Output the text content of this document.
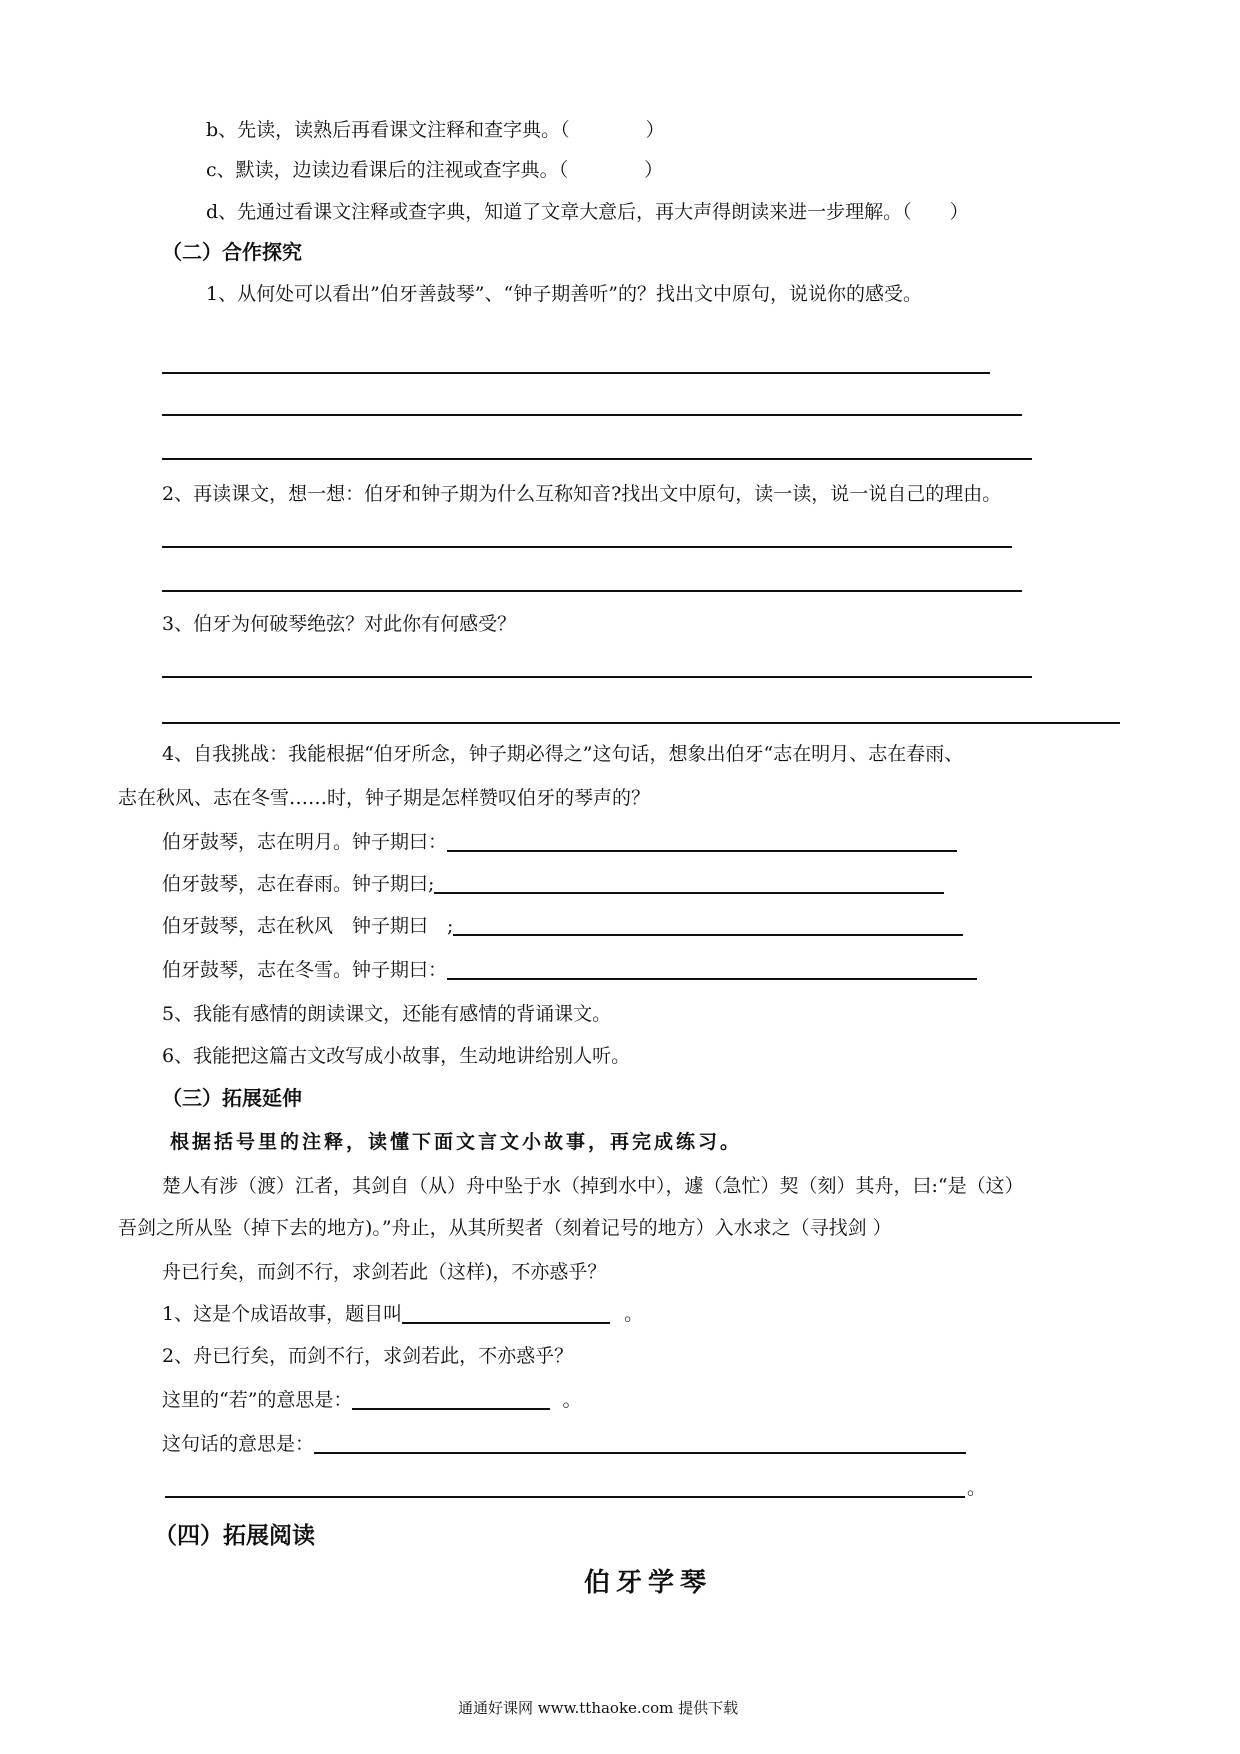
b、先读，读熟后再看课文注释和查字典。（　　　　）
c、默读，边读边看课后的注视或查字典。（　　　　）
d、先通过看课文注释或查字典，知道了文章大意后，再大声得朗读来进一步理解。（　　）
（二）合作探究
1、从何处可以看出”伯牙善鼓琴”、“钟子期善听”的？找出文中原句，说说你的感受。
2、再读课文，想一想：伯牙和钟子期为什么互称知音?找出文中原句，读一读，说一说自己的理由。
3、伯牙为何破琴绝弦？对此你有何感受？
4、自我挑战：我能根据“伯牙所念，钟子期必得之”这句话，想象出伯牙“志在明月、志在春雨、
志在秋风、志在冬雪……时，钟子期是怎样赞叹伯牙的琴声的？
伯牙鼓琴，志在明月。钟子期曰：
伯牙鼓琴，志在春雨。钟子期曰;
伯牙鼓琴，志在秋风　钟子期曰　;
伯牙鼓琴，志在冬雪。钟子期曰：
5、我能有感情的朗读课文，还能有感情的背诵课文。
6、我能把这篇古文改写成小故事，生动地讲给别人听。
（三）拓展延伸
根据括号里的注释，读懂下面文言文小故事，再完成练习。
楚人有涉（渡）江者，其剑自（从）舟中坠于水（掉到水中），遽（急忙）契（刻）其舟，曰:“是（这）
吾剑之所从坠（掉下去的地方)。”舟止，从其所契者（刻着记号的地方）入水求之（寻找剑 ）
舟已行矣，而剑不行，求剑若此（这样)，不亦惑乎？
1、这是个成语故事，题目叫	。
2、舟已行矣，而剑不行，求剑若此，不亦惑乎？
这里的“若”的意思是：	。
这句话的意思是：
。
（四）拓展阅读
伯牙学琴
通通好课网 www.tthaoke.com 提供下载
